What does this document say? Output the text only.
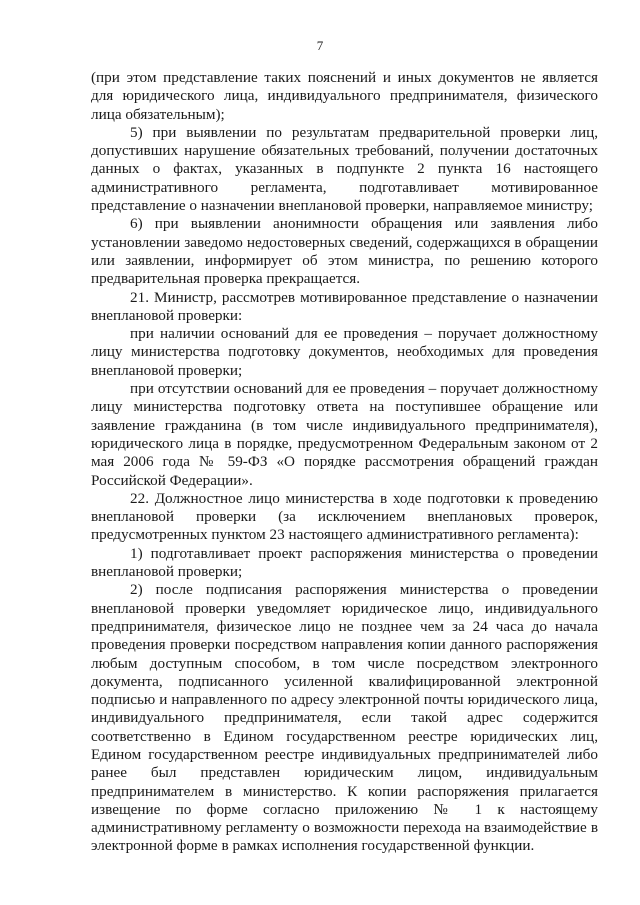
7

(при этом представление таких пояснений и иных документов не является для юридического лица, индивидуального предпринимателя, физического лица обязательным);

5) при выявлении по результатам предварительной проверки лиц, допустивших нарушение обязательных требований, получении достаточных данных о фактах, указанных в подпункте 2 пункта 16 настоящего административного регламента, подготавливает мотивированное представление о назначении внеплановой проверки, направляемое министру;

6) при выявлении анонимности обращения или заявления либо установлении заведомо недостоверных сведений, содержащихся в обращении или заявлении, информирует об этом министра, по решению которого предварительная проверка прекращается.

21. Министр, рассмотрев мотивированное представление о назначении внеплановой проверки:

при наличии оснований для ее проведения – поручает должностному лицу министерства подготовку документов, необходимых для проведения внеплановой проверки;

при отсутствии оснований для ее проведения – поручает должностному лицу министерства подготовку ответа на поступившее обращение или заявление гражданина (в том числе индивидуального предпринимателя), юридического лица в порядке, предусмотренном Федеральным законом от 2 мая 2006 года № 59-ФЗ «О порядке рассмотрения обращений граждан Российской Федерации».

22. Должностное лицо министерства в ходе подготовки к проведению внеплановой проверки (за исключением внеплановых проверок, предусмотренных пунктом 23 настоящего административного регламента):

1) подготавливает проект распоряжения министерства о проведении внеплановой проверки;

2) после подписания распоряжения министерства о проведении внеплановой проверки уведомляет юридическое лицо, индивидуального предпринимателя, физическое лицо не позднее чем за 24 часа до начала проведения проверки посредством направления копии данного распоряжения любым доступным способом, в том числе посредством электронного документа, подписанного усиленной квалифицированной электронной подписью и направленного по адресу электронной почты юридического лица, индивидуального предпринимателя, если такой адрес содержится соответственно в Едином государственном реестре юридических лиц, Едином государственном реестре индивидуальных предпринимателей либо ранее был представлен юридическим лицом, индивидуальным предпринимателем в министерство. К копии распоряжения прилагается извещение по форме согласно приложению № 1 к настоящему административному регламенту о возможности перехода на взаимодействие в электронной форме в рамках исполнения государственной функции.
